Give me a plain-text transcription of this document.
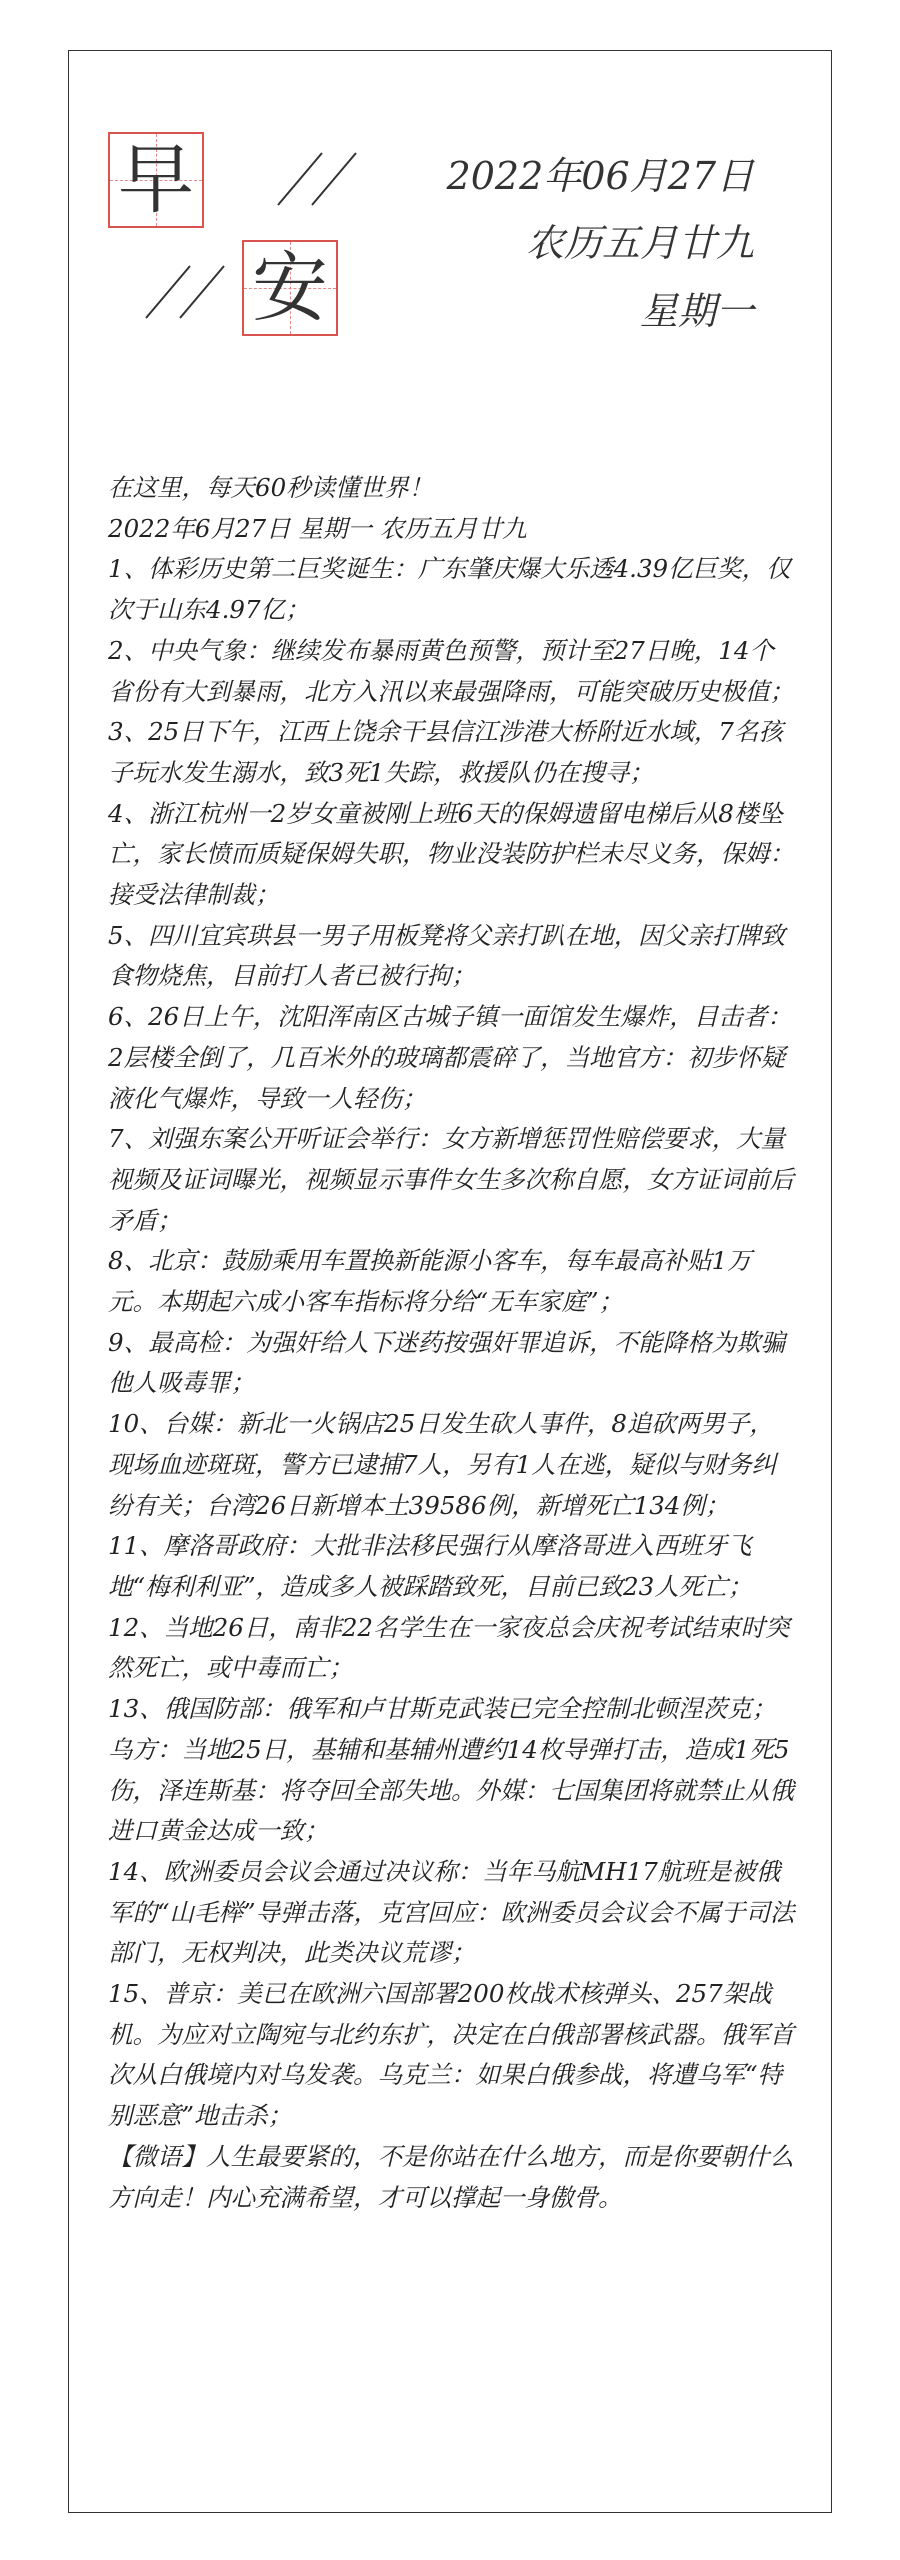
早
安
2022年06月27日
农历五月廿九
星期一

在这里，每天60秒读懂世界！

2022年6月27日 星期一 农历五月廿九

1、体彩历史第二巨奖诞生：广东肇庆爆大乐透4.39亿巨奖，仅次于山东4.97亿；

2、中央气象：继续发布暴雨黄色预警，预计至27日晚，14个省份有大到暴雨，北方入汛以来最强降雨，可能突破历史极值；

3、25日下午，江西上饶余干县信江涉港大桥附近水域，7名孩子玩水发生溺水，致3死1失踪，救援队仍在搜寻；

4、浙江杭州一2岁女童被刚上班6天的保姆遗留电梯后从8楼坠亡，家长愤而质疑保姆失职，物业没装防护栏未尽义务，保姆：接受法律制裁；

5、四川宜宾珙县一男子用板凳将父亲打趴在地，因父亲打牌致食物烧焦，目前打人者已被行拘；

6、26日上午，沈阳浑南区古城子镇一面馆发生爆炸，目击者：2层楼全倒了，几百米外的玻璃都震碎了，当地官方：初步怀疑液化气爆炸，导致一人轻伤；

7、刘强东案公开听证会举行：女方新增惩罚性赔偿要求，大量视频及证词曝光，视频显示事件女生多次称自愿，女方证词前后矛盾；

8、北京：鼓励乘用车置换新能源小客车，每车最高补贴1万元。本期起六成小客车指标将分给“无车家庭”；

9、最高检：为强奸给人下迷药按强奸罪追诉，不能降格为欺骗他人吸毒罪；

10、台媒：新北一火锅店25日发生砍人事件，8追砍两男子，现场血迹斑斑，警方已逮捕7人，另有1人在逃，疑似与财务纠纷有关；台湾26日新增本土39586例，新增死亡134例；

11、摩洛哥政府：大批非法移民强行从摩洛哥进入西班牙飞地“梅利利亚”，造成多人被踩踏致死，目前已致23人死亡；

12、当地26日，南非22名学生在一家夜总会庆祝考试结束时突然死亡，或中毒而亡；

13、俄国防部：俄军和卢甘斯克武装已完全控制北顿涅茨克；乌方：当地25日，基辅和基辅州遭约14枚导弹打击，造成1死5伤，泽连斯基：将夺回全部失地。外媒：七国集团将就禁止从俄进口黄金达成一致；

14、欧洲委员会议会通过决议称：当年马航MH17航班是被俄军的“山毛榉”导弹击落，克宫回应：欧洲委员会议会不属于司法部门，无权判决，此类决议荒谬；

15、普京：美已在欧洲六国部署200枚战术核弹头、257架战机。为应对立陶宛与北约东扩，决定在白俄部署核武器。俄军首次从白俄境内对乌发袭。乌克兰：如果白俄参战，将遭乌军“特别恶意”地击杀；

【微语】人生最要紧的，不是你站在什么地方，而是你要朝什么方向走！内心充满希望，才可以撑起一身傲骨。
